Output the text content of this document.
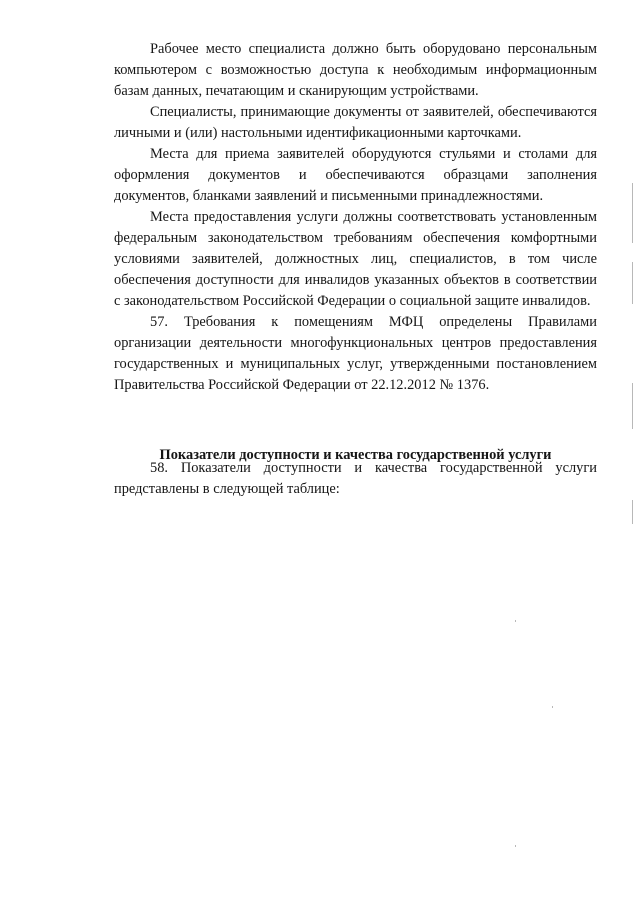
Рабочее место специалиста должно быть оборудовано персональным компьютером с возможностью доступа к необходимым информационным базам данных, печатающим и сканирующим устройствами.

Специалисты, принимающие документы от заявителей, обеспечиваются личными и (или) настольными идентификационными карточками.

Места для приема заявителей оборудуются стульями и столами для оформления документов и обеспечиваются образцами заполнения документов, бланками заявлений и письменными принадлежностями.

Места предоставления услуги должны соответствовать установленным федеральным законодательством требованиям обеспечения комфортными условиями заявителей, должностных лиц, специалистов, в том числе обеспечения доступности для инвалидов указанных объектов в соответствии с законодательством Российской Федерации о социальной защите инвалидов.

57. Требования к помещениям МФЦ определены Правилами организации деятельности многофункциональных центров предоставления государственных и муниципальных услуг, утвержденными постановлением Правительства Российской Федерации от 22.12.2012 № 1376.

Показатели доступности и качества государственной услуги

58. Показатели доступности и качества государственной услуги представлены в следующей таблице:
